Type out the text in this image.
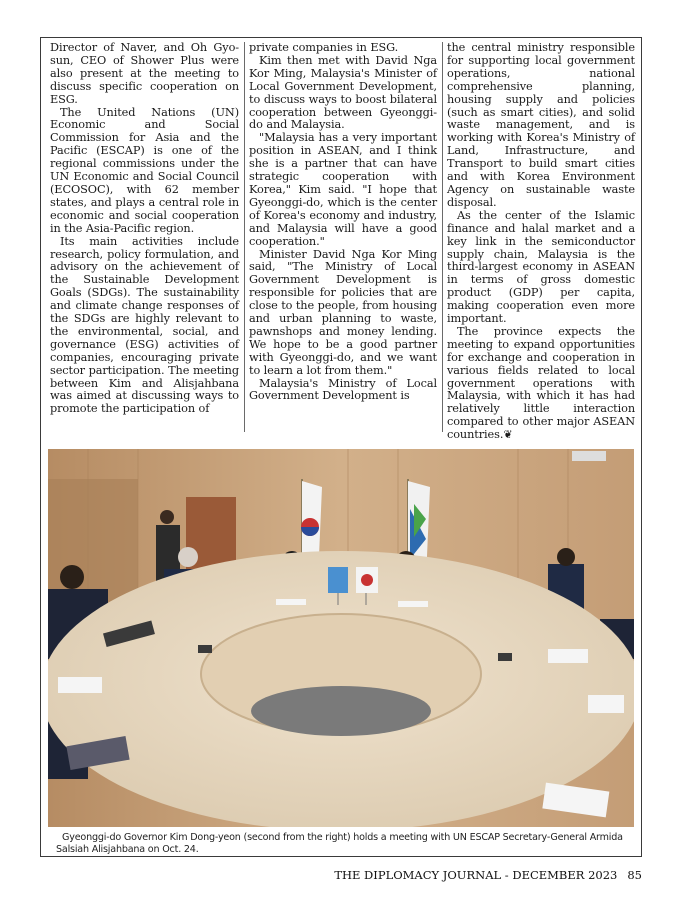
Director of Naver, and Oh Gyo-sun, CEO of Shower Plus were also present at the meeting to discuss specific cooperation on ESG.

The United Nations (UN) Economic and Social Commission for Asia and the Pacific (ESCAP) is one of the regional commissions under the UN Economic and Social Council (ECOSOC), with 62 member states, and plays a central role in economic and social cooperation in the Asia-Pacific region.

Its main activities include research, policy formulation, and advisory on the achievement of the Sustainable Development Goals (SDGs). The sustainability and climate change responses of the SDGs are highly relevant to the environmental, social, and governance (ESG) activities of companies, encouraging private sector participation. The meeting between Kim and Alisjahbana was aimed at discussing ways to promote the participation of

private companies in ESG.

Kim then met with David Nga Kor Ming, Malaysia's Minister of Local Government Development, to discuss ways to boost bilateral cooperation between Gyeonggi-do and Malaysia.

"Malaysia has a very important position in ASEAN, and I think she is a partner that can have strategic cooperation with Korea," Kim said. "I hope that Gyeonggi-do, which is the center of Korea's economy and industry, and Malaysia will have a good cooperation."

Minister David Nga Kor Ming said, "The Ministry of Local Government Development is responsible for policies that are close to the people, from housing and urban planning to waste, pawnshops and money lending. We hope to be a good partner with Gyeonggi-do, and we want to learn a lot from them."

Malaysia's Ministry of Local Government Development is

the central ministry responsible for supporting local government operations, national comprehensive planning, housing supply and policies (such as smart cities), and solid waste management, and is working with Korea's Ministry of Land, Infrastructure, and Transport to build smart cities and with Korea Environment Agency on sustainable waste disposal.

As the center of the Islamic finance and halal market and a key link in the semiconductor supply chain, Malaysia is the third-largest economy in ASEAN in terms of gross domestic product (GDP) per capita, making cooperation even more important.

The province expects the meeting to expand opportunities for exchange and cooperation in various fields related to local government operations with Malaysia, with which it has had relatively little interaction compared to other major ASEAN countries.❦

Gyeonggi-do Governor Kim Dong-yeon (second from the right) holds a meeting with UN ESCAP Secretary-General Armida
Salsiah Alisjahbana on Oct. 24.
THE DIPLOMACY JOURNAL - DECEMBER 2023 85
